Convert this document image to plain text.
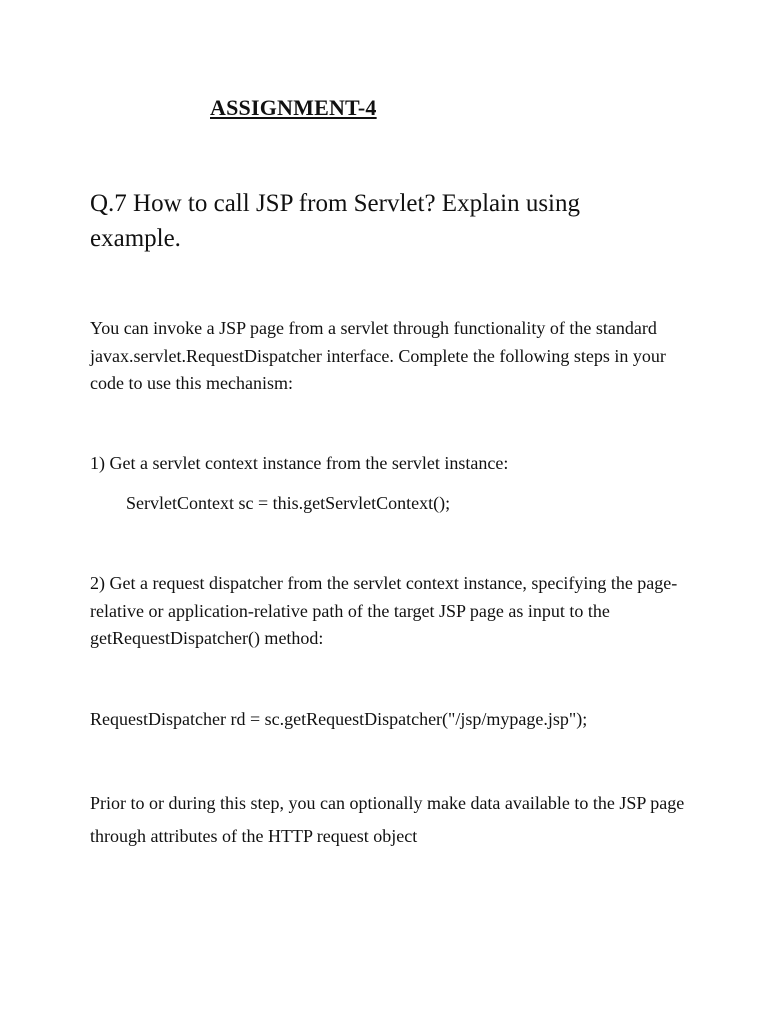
ASSIGNMENT-4
Q.7 How to call JSP from Servlet? Explain using example.
You can invoke a JSP page from a servlet through functionality of the standard javax.servlet.RequestDispatcher interface. Complete the following steps in your code to use this mechanism:
1) Get a servlet context instance from the servlet instance:
ServletContext sc = this.getServletContext();
2) Get a request dispatcher from the servlet context instance, specifying the page-relative or application-relative path of the target JSP page as input to the getRequestDispatcher() method:
RequestDispatcher rd = sc.getRequestDispatcher("/jsp/mypage.jsp");
Prior to or during this step, you can optionally make data available to the JSP page through attributes of the HTTP request object
